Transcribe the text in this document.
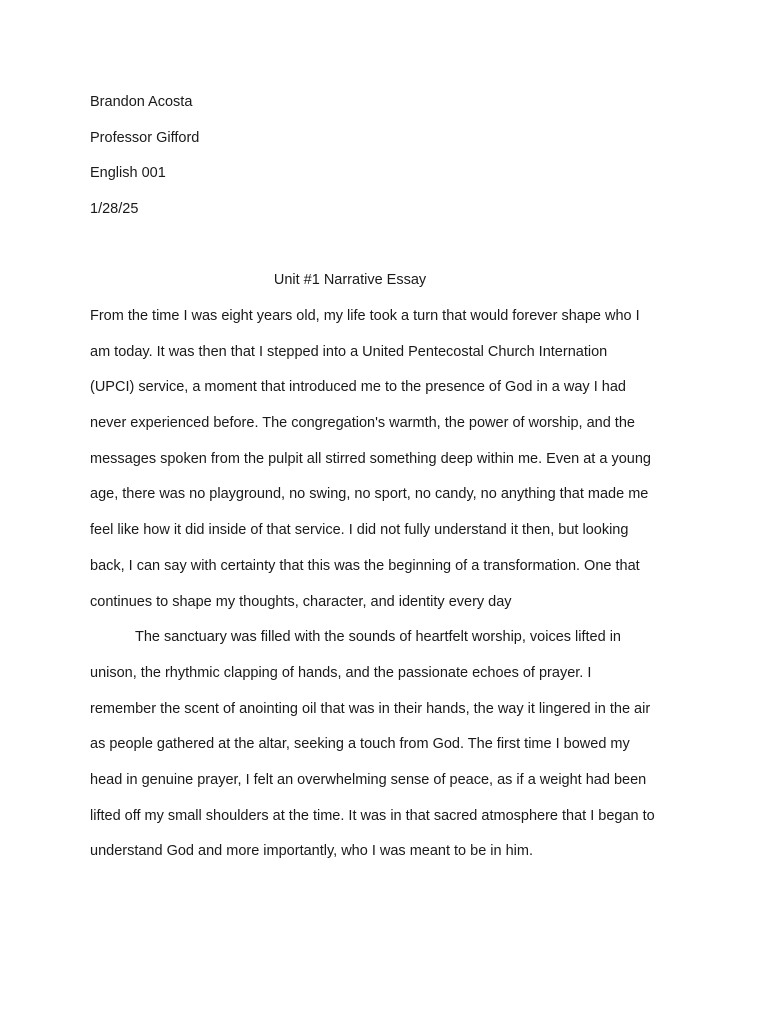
Brandon Acosta
Professor Gifford
English 001
1/28/25
Unit #1 Narrative Essay
From the time I was eight years old, my life took a turn that would forever shape who I
am today. It was then that I stepped into a United Pentecostal Church Internation
(UPCI) service, a moment that introduced me to the presence of God in a way I had
never experienced before. The congregation's warmth, the power of worship, and the
messages spoken from the pulpit all stirred something deep within me. Even at a young
age, there was no playground, no swing, no sport, no candy, no anything that made me
feel like how it did inside of that service. I did not fully understand it then, but looking
back, I can say with certainty that this was the beginning of a transformation. One that
continues to shape my thoughts, character, and identity every day
The sanctuary was filled with the sounds of heartfelt worship, voices lifted in
unison, the rhythmic clapping of hands, and the passionate echoes of prayer. I
remember the scent of anointing oil that was in their hands, the way it lingered in the air
as people gathered at the altar, seeking a touch from God. The first time I bowed my
head in genuine prayer, I felt an overwhelming sense of peace, as if a weight had been
lifted off my small shoulders at the time. It was in that sacred atmosphere that I began to
understand God and more importantly, who I was meant to be in him.
